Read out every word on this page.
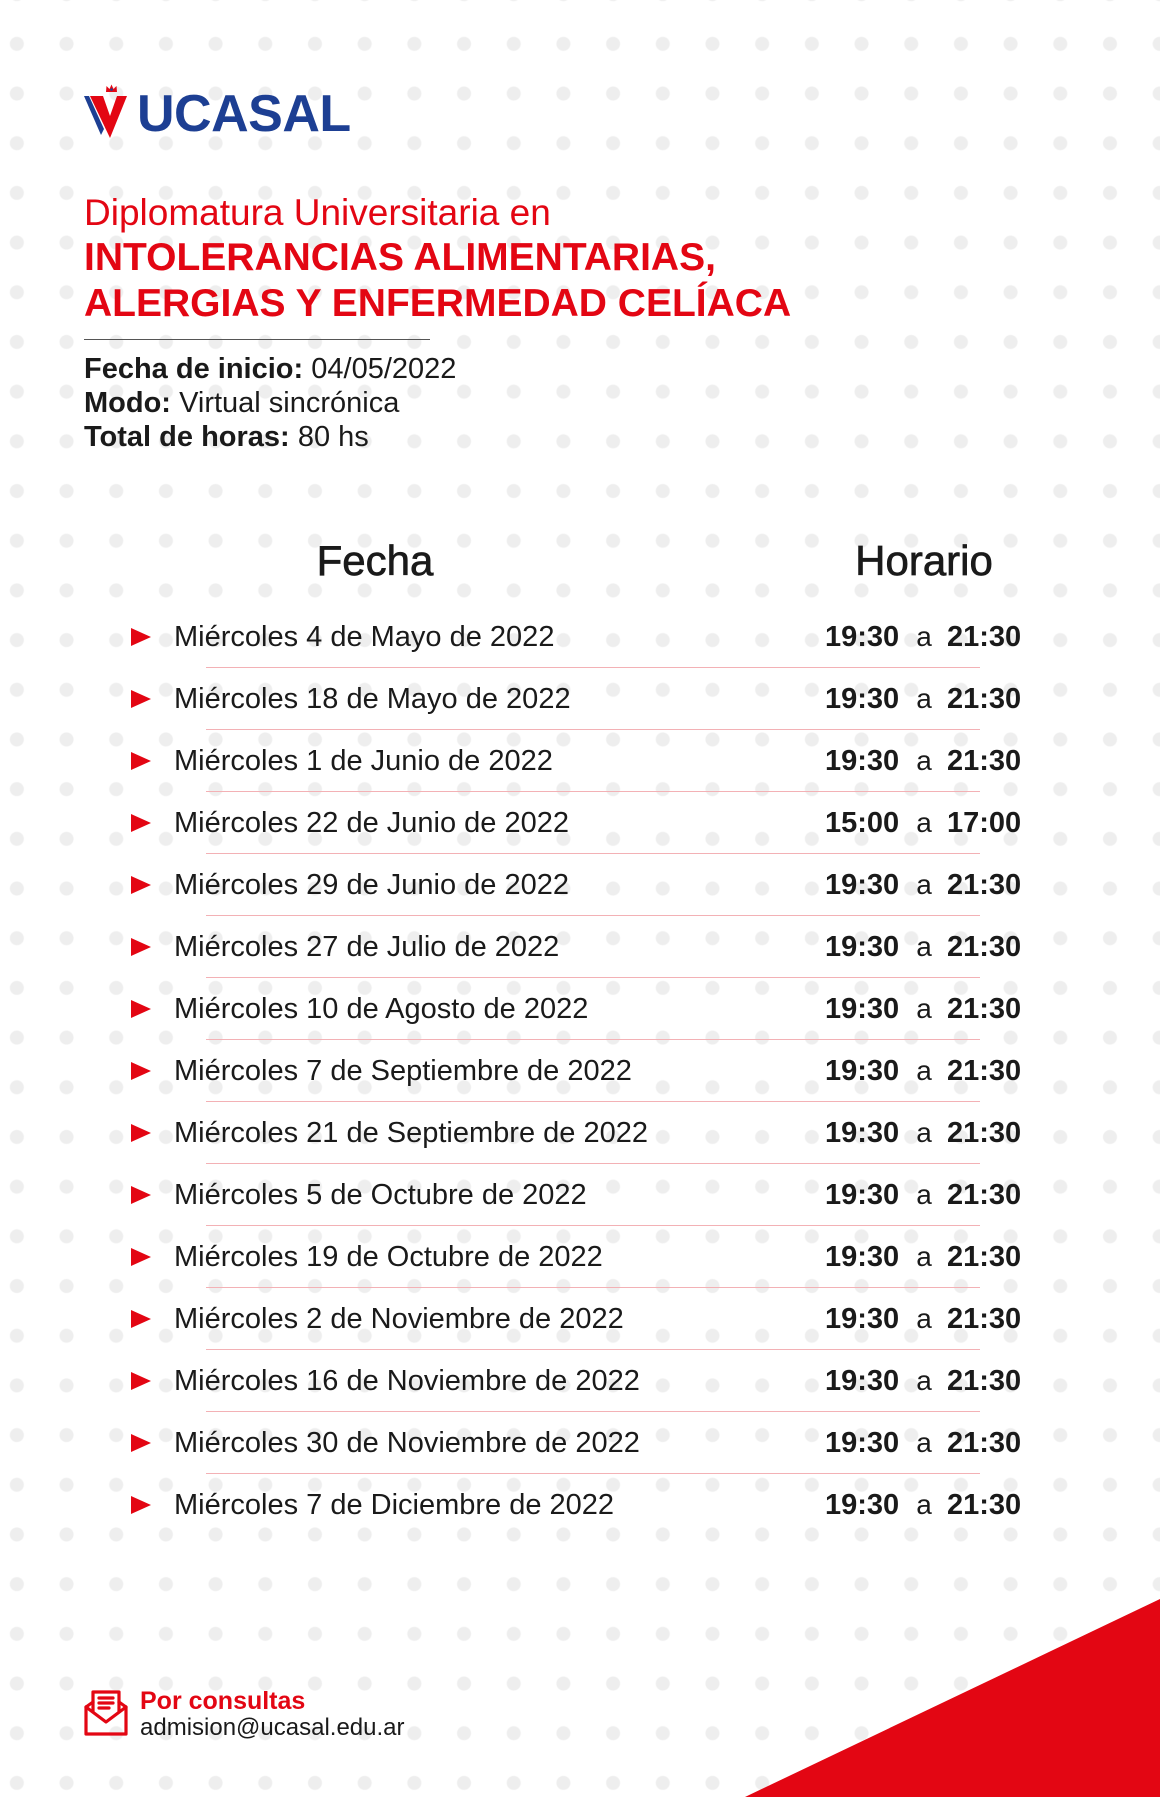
UCASAL
Diplomatura Universitaria en
INTOLERANCIAS ALIMENTARIAS,
ALERGIAS Y ENFERMEDAD CELÍACA
Fecha de inicio: 04/05/2022
Modo: Virtual sincrónica
Total de horas: 80 hs
Fecha	Horario
Miércoles 4 de Mayo de 2022	19:30 a 21:30
Miércoles 18 de Mayo de 2022	19:30 a 21:30
Miércoles 1 de Junio de 2022	19:30 a 21:30
Miércoles 22 de Junio de 2022	15:00 a 17:00
Miércoles 29 de Junio de 2022	19:30 a 21:30
Miércoles 27 de Julio de 2022	19:30 a 21:30
Miércoles 10 de Agosto de 2022	19:30 a 21:30
Miércoles 7 de Septiembre de 2022	19:30 a 21:30
Miércoles 21 de Septiembre de 2022	19:30 a 21:30
Miércoles 5 de Octubre de 2022	19:30 a 21:30
Miércoles 19 de Octubre de 2022	19:30 a 21:30
Miércoles 2 de Noviembre de 2022	19:30 a 21:30
Miércoles 16 de Noviembre de 2022	19:30 a 21:30
Miércoles 30 de Noviembre de 2022	19:30 a 21:30
Miércoles 7 de Diciembre de 2022	19:30 a 21:30
Por consultas
admision@ucasal.edu.ar
